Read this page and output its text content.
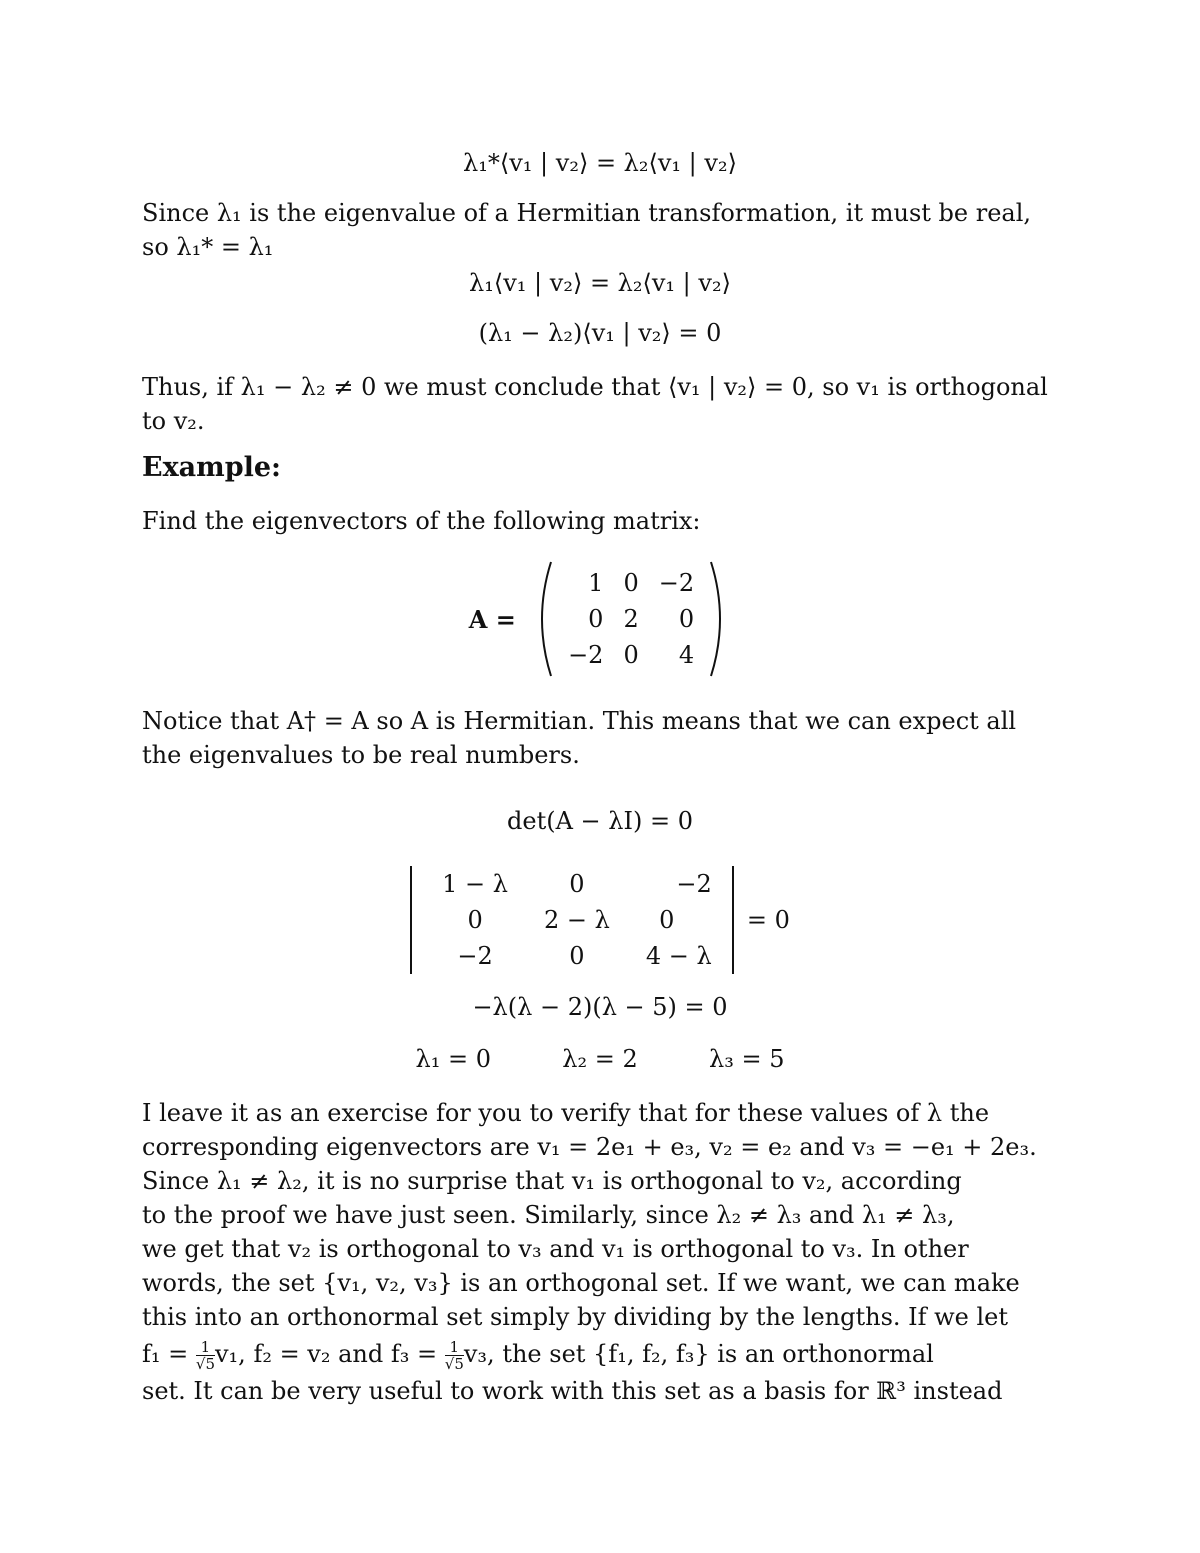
λ₁*⟨v₁ | v₂⟩ = λ₂⟨v₁ | v₂⟩
Since λ₁ is the eigenvalue of a Hermitian transformation, it must be real,
so λ₁* = λ₁
λ₁⟨v₁ | v₂⟩ = λ₂⟨v₁ | v₂⟩
(λ₁ − λ₂)⟨v₁ | v₂⟩ = 0
Thus, if λ₁ − λ₂ ≠ 0 we must conclude that ⟨v₁ | v₂⟩ = 0, so v₁ is orthogonal
to v₂.
Example:
Find the eigenvectors of the following matrix:
A =
1	0	−2
0	2	0
−2	0	4

Notice that A† = A so A is Hermitian. This means that we can expect all
the eigenvalues to be real numbers.
det(A − λI) = 0
1 − λ	0	−2
0	2 − λ	0
−2	0	4 − λ
= 0
−λ(λ − 2)(λ − 5) = 0
λ₁ = 0	λ₂ = 2	λ₃ = 5
I leave it as an exercise for you to verify that for these values of λ the
corresponding eigenvectors are v₁ = 2e₁ + e₃, v₂ = e₂ and v₃ = −e₁ + 2e₃.
Since λ₁ ≠ λ₂, it is no surprise that v₁ is orthogonal to v₂, according
to the proof we have just seen. Similarly, since λ₂ ≠ λ₃ and λ₁ ≠ λ₃,
we get that v₂ is orthogonal to v₃ and v₁ is orthogonal to v₃. In other
words, the set {v₁, v₂, v₃} is an orthogonal set. If we want, we can make
this into an orthonormal set simply by dividing by the lengths. If we let
$f_1 = \frac{1}{√5} v_1$, f₂ = v₂ and $f_3 = \frac{1}{√5} v_3$, the set {f₁, f₂, f₃} is an orthonormal
set. It can be very useful to work with this set as a basis for ℝ³ instead
